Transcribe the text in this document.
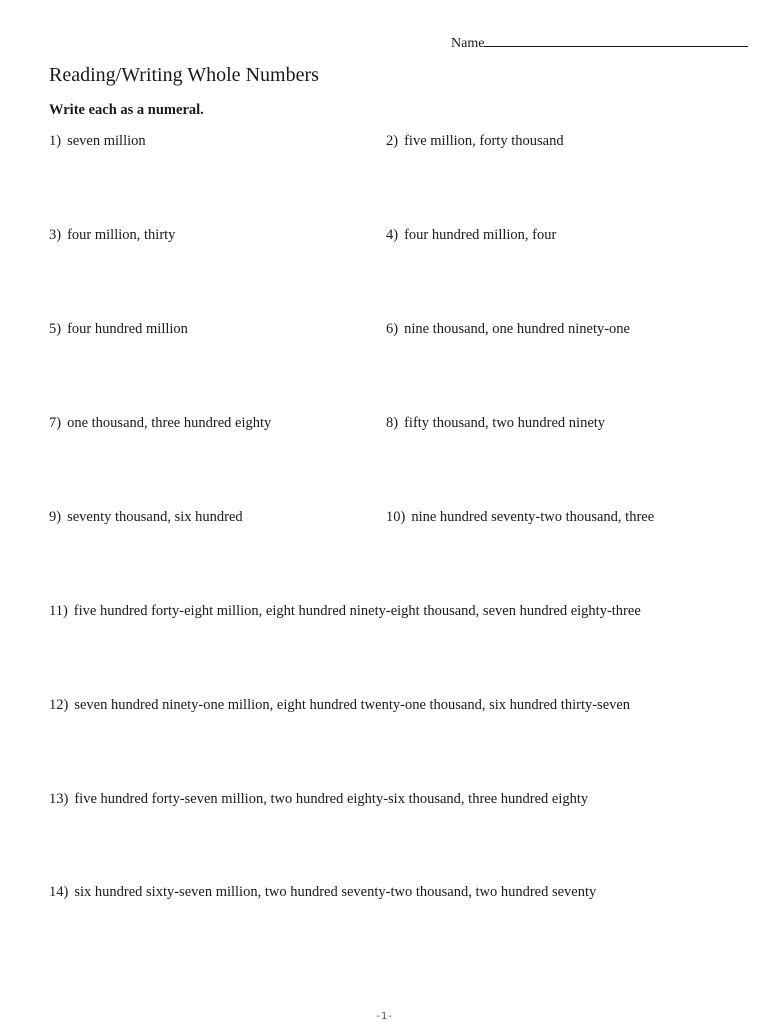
Name
Reading/Writing Whole Numbers

Write each as a numeral.

1) seven million	2) five million, forty thousand
3) four million, thirty	4) four hundred million, four
5) four hundred million	6) nine thousand, one hundred ninety-one
7) one thousand, three hundred eighty	8) fifty thousand, two hundred ninety
9) seventy thousand, six hundred	10) nine hundred seventy-two thousand, three
11) five hundred forty-eight million, eight hundred ninety-eight thousand, seven hundred eighty-three
12) seven hundred ninety-one million, eight hundred twenty-one thousand, six hundred thirty-seven
13) five hundred forty-seven million, two hundred eighty-six thousand, three hundred eighty
14) six hundred sixty-seven million, two hundred seventy-two thousand, two hundred seventy
-1-
